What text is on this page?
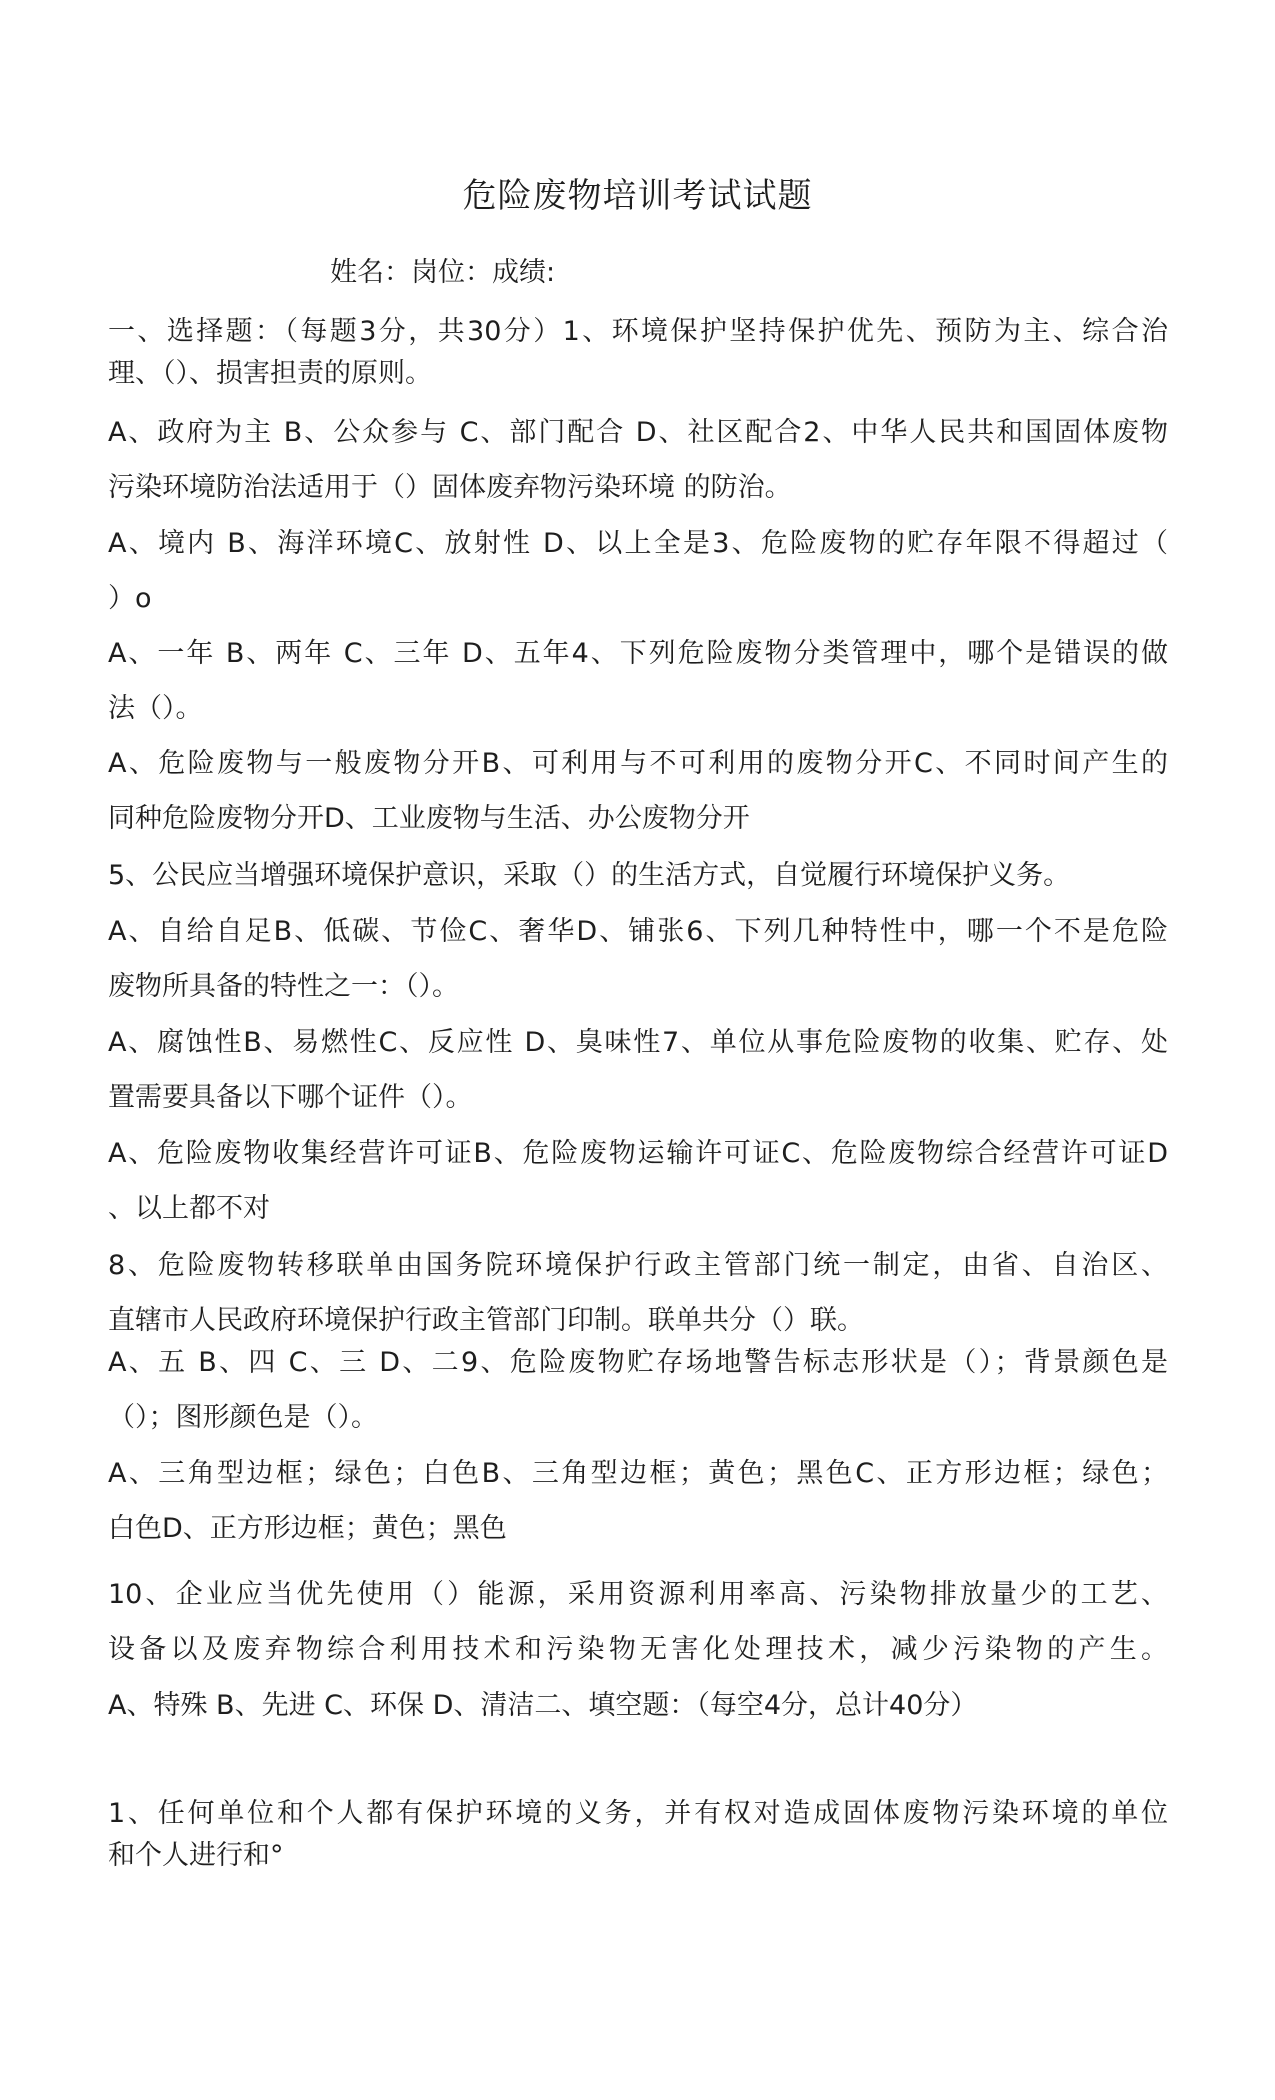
危险废物培训考试试题

姓名：岗位：成绩:

一、选择题：（每题3分，共30分）1、环境保护坚持保护优先、预防为主、综合治

理、（）、损害担责的原则。

A、政府为主 B、公众参与 C、部门配合 D、社区配合2、中华人民共和国固体废物

污染环境防治法适用于（）固体废弃物污染环境 的防治。

A、境内 B、海洋环境C、放射性 D、以上全是3、危险废物的贮存年限不得超过（

）o

A、一年 B、两年 C、三年 D、五年4、下列危险废物分类管理中，哪个是错误的做

法（）。

A、危险废物与一般废物分开B、可利用与不可利用的废物分开C、不同时间产生的

同种危险废物分开D、工业废物与生活、办公废物分开

5、公民应当增强环境保护意识，采取（）的生活方式，自觉履行环境保护义务。

A、自给自足B、低碳、节俭C、奢华D、铺张6、下列几种特性中，哪一个不是危险

废物所具备的特性之一：（）。

A、腐蚀性B、易燃性C、反应性 D、臭味性7、单位从事危险废物的收集、贮存、处

置需要具备以下哪个证件（）。

A、危险废物收集经营许可证B、危险废物运输许可证C、危险废物综合经营许可证D

、以上都不对

8、危险废物转移联单由国务院环境保护行政主管部门统一制定，由省、自治区、

直辖市人民政府环境保护行政主管部门印制。联单共分（）联。

A、五 B、四 C、三 D、二9、危险废物贮存场地警告标志形状是（）；背景颜色是

（）；图形颜色是（）。

A、三角型边框；绿色；白色B、三角型边框；黄色；黑色C、正方形边框；绿色；

白色D、正方形边框；黄色；黑色

10、企业应当优先使用（）能源，采用资源利用率高、污染物排放量少的工艺、

设备以及废弃物综合利用技术和污染物无害化处理技术，减少污染物的产生。

A、特殊 B、先进 C、环保 D、清洁二、填空题：（每空4分，总计40分）

1、任何单位和个人都有保护环境的义务，并有权对造成固体废物污染环境的单位

和个人进行和°
